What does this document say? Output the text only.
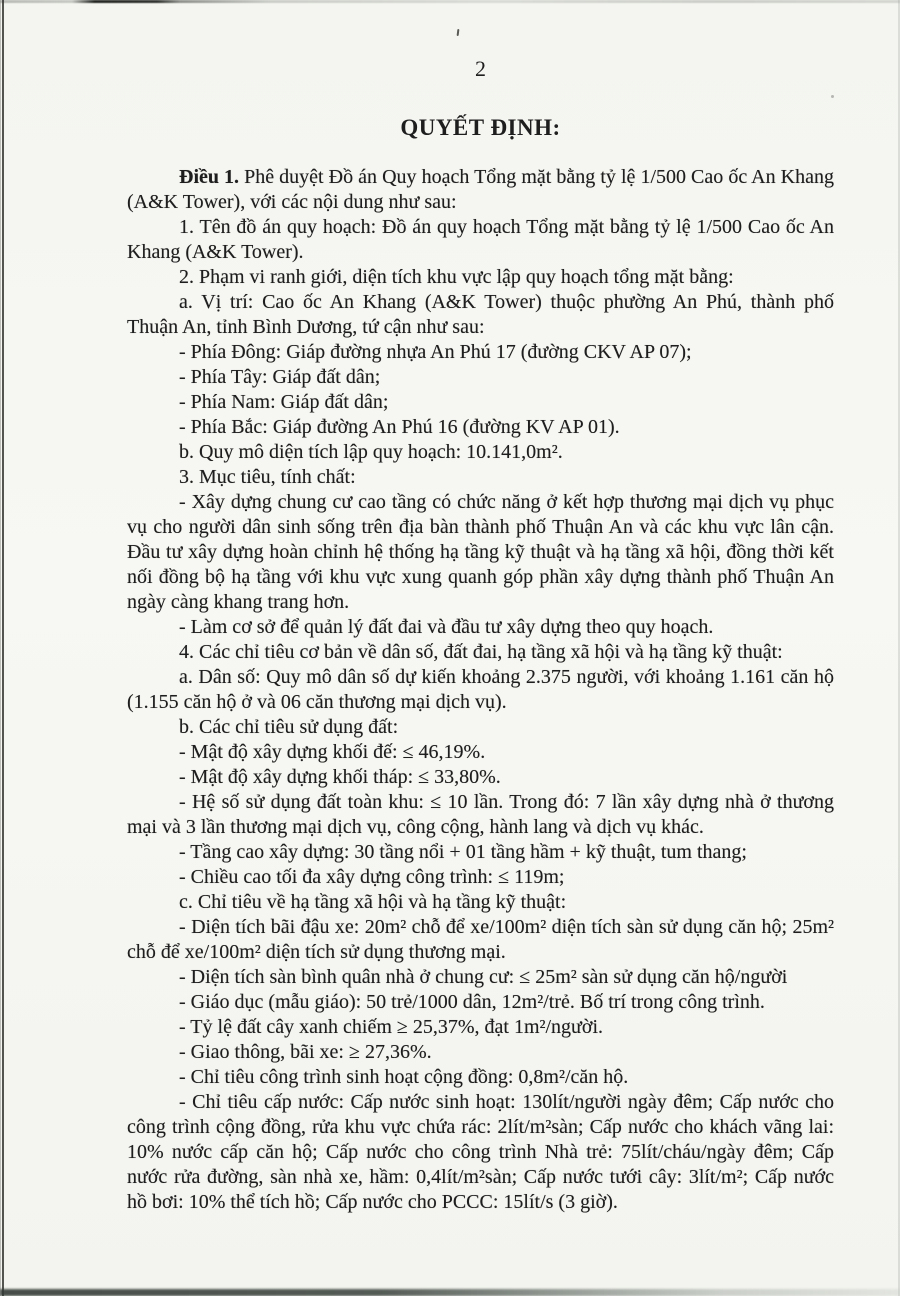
2
QUYẾT ĐỊNH:

Điều 1. Phê duyệt Đồ án Quy hoạch Tổng mặt bằng tỷ lệ 1/500 Cao ốc An Khang (A&K Tower), với các nội dung như sau:

1. Tên đồ án quy hoạch: Đồ án quy hoạch Tổng mặt bằng tỷ lệ 1/500 Cao ốc An Khang (A&K Tower).

2. Phạm vi ranh giới, diện tích khu vực lập quy hoạch tổng mặt bằng:

a. Vị trí: Cao ốc An Khang (A&K Tower) thuộc phường An Phú, thành phố Thuận An, tỉnh Bình Dương, tứ cận như sau:

- Phía Đông: Giáp đường nhựa An Phú 17 (đường CKV AP 07);

- Phía Tây: Giáp đất dân;

- Phía Nam: Giáp đất dân;

- Phía Bắc: Giáp đường An Phú 16 (đường KV AP 01).

b. Quy mô diện tích lập quy hoạch: 10.141,0m².

3. Mục tiêu, tính chất:

- Xây dựng chung cư cao tầng có chức năng ở kết hợp thương mại dịch vụ phục vụ cho người dân sinh sống trên địa bàn thành phố Thuận An và các khu vực lân cận. Đầu tư xây dựng hoàn chỉnh hệ thống hạ tầng kỹ thuật và hạ tầng xã hội, đồng thời kết nối đồng bộ hạ tầng với khu vực xung quanh góp phần xây dựng thành phố Thuận An ngày càng khang trang hơn.

- Làm cơ sở để quản lý đất đai và đầu tư xây dựng theo quy hoạch.

4. Các chỉ tiêu cơ bản về dân số, đất đai, hạ tầng xã hội và hạ tầng kỹ thuật:

a. Dân số: Quy mô dân số dự kiến khoảng 2.375 người, với khoảng 1.161 căn hộ (1.155 căn hộ ở và 06 căn thương mại dịch vụ).

b. Các chỉ tiêu sử dụng đất:

- Mật độ xây dựng khối đế: ≤ 46,19%.

- Mật độ xây dựng khối tháp: ≤ 33,80%.

- Hệ số sử dụng đất toàn khu: ≤ 10 lần. Trong đó: 7 lần xây dựng nhà ở thương mại và 3 lần thương mại dịch vụ, công cộng, hành lang và dịch vụ khác.

- Tầng cao xây dựng: 30 tầng nổi + 01 tầng hầm + kỹ thuật, tum thang;

- Chiều cao tối đa xây dựng công trình: ≤ 119m;

c. Chỉ tiêu về hạ tầng xã hội và hạ tầng kỹ thuật:

- Diện tích bãi đậu xe: 20m² chỗ để xe/100m² diện tích sàn sử dụng căn hộ; 25m² chỗ để xe/100m² diện tích sử dụng thương mại.

- Diện tích sàn bình quân nhà ở chung cư: ≤ 25m² sàn sử dụng căn hộ/người

- Giáo dục (mẫu giáo): 50 trẻ/1000 dân, 12m²/trẻ. Bố trí trong công trình.

- Tỷ lệ đất cây xanh chiếm ≥ 25,37%, đạt 1m²/người.

- Giao thông, bãi xe: ≥ 27,36%.

- Chỉ tiêu công trình sinh hoạt cộng đồng: 0,8m²/căn hộ.

- Chỉ tiêu cấp nước: Cấp nước sinh hoạt: 130lít/người ngày đêm; Cấp nước cho công trình cộng đồng, rửa khu vực chứa rác: 2lít/m²sàn; Cấp nước cho khách vãng lai: 10% nước cấp căn hộ; Cấp nước cho công trình Nhà trẻ: 75lít/cháu/ngày đêm; Cấp nước rửa đường, sàn nhà xe, hầm: 0,4lít/m²sàn; Cấp nước tưới cây: 3lít/m²; Cấp nước hồ bơi: 10% thể tích hồ; Cấp nước cho PCCC: 15lít/s (3 giờ).
